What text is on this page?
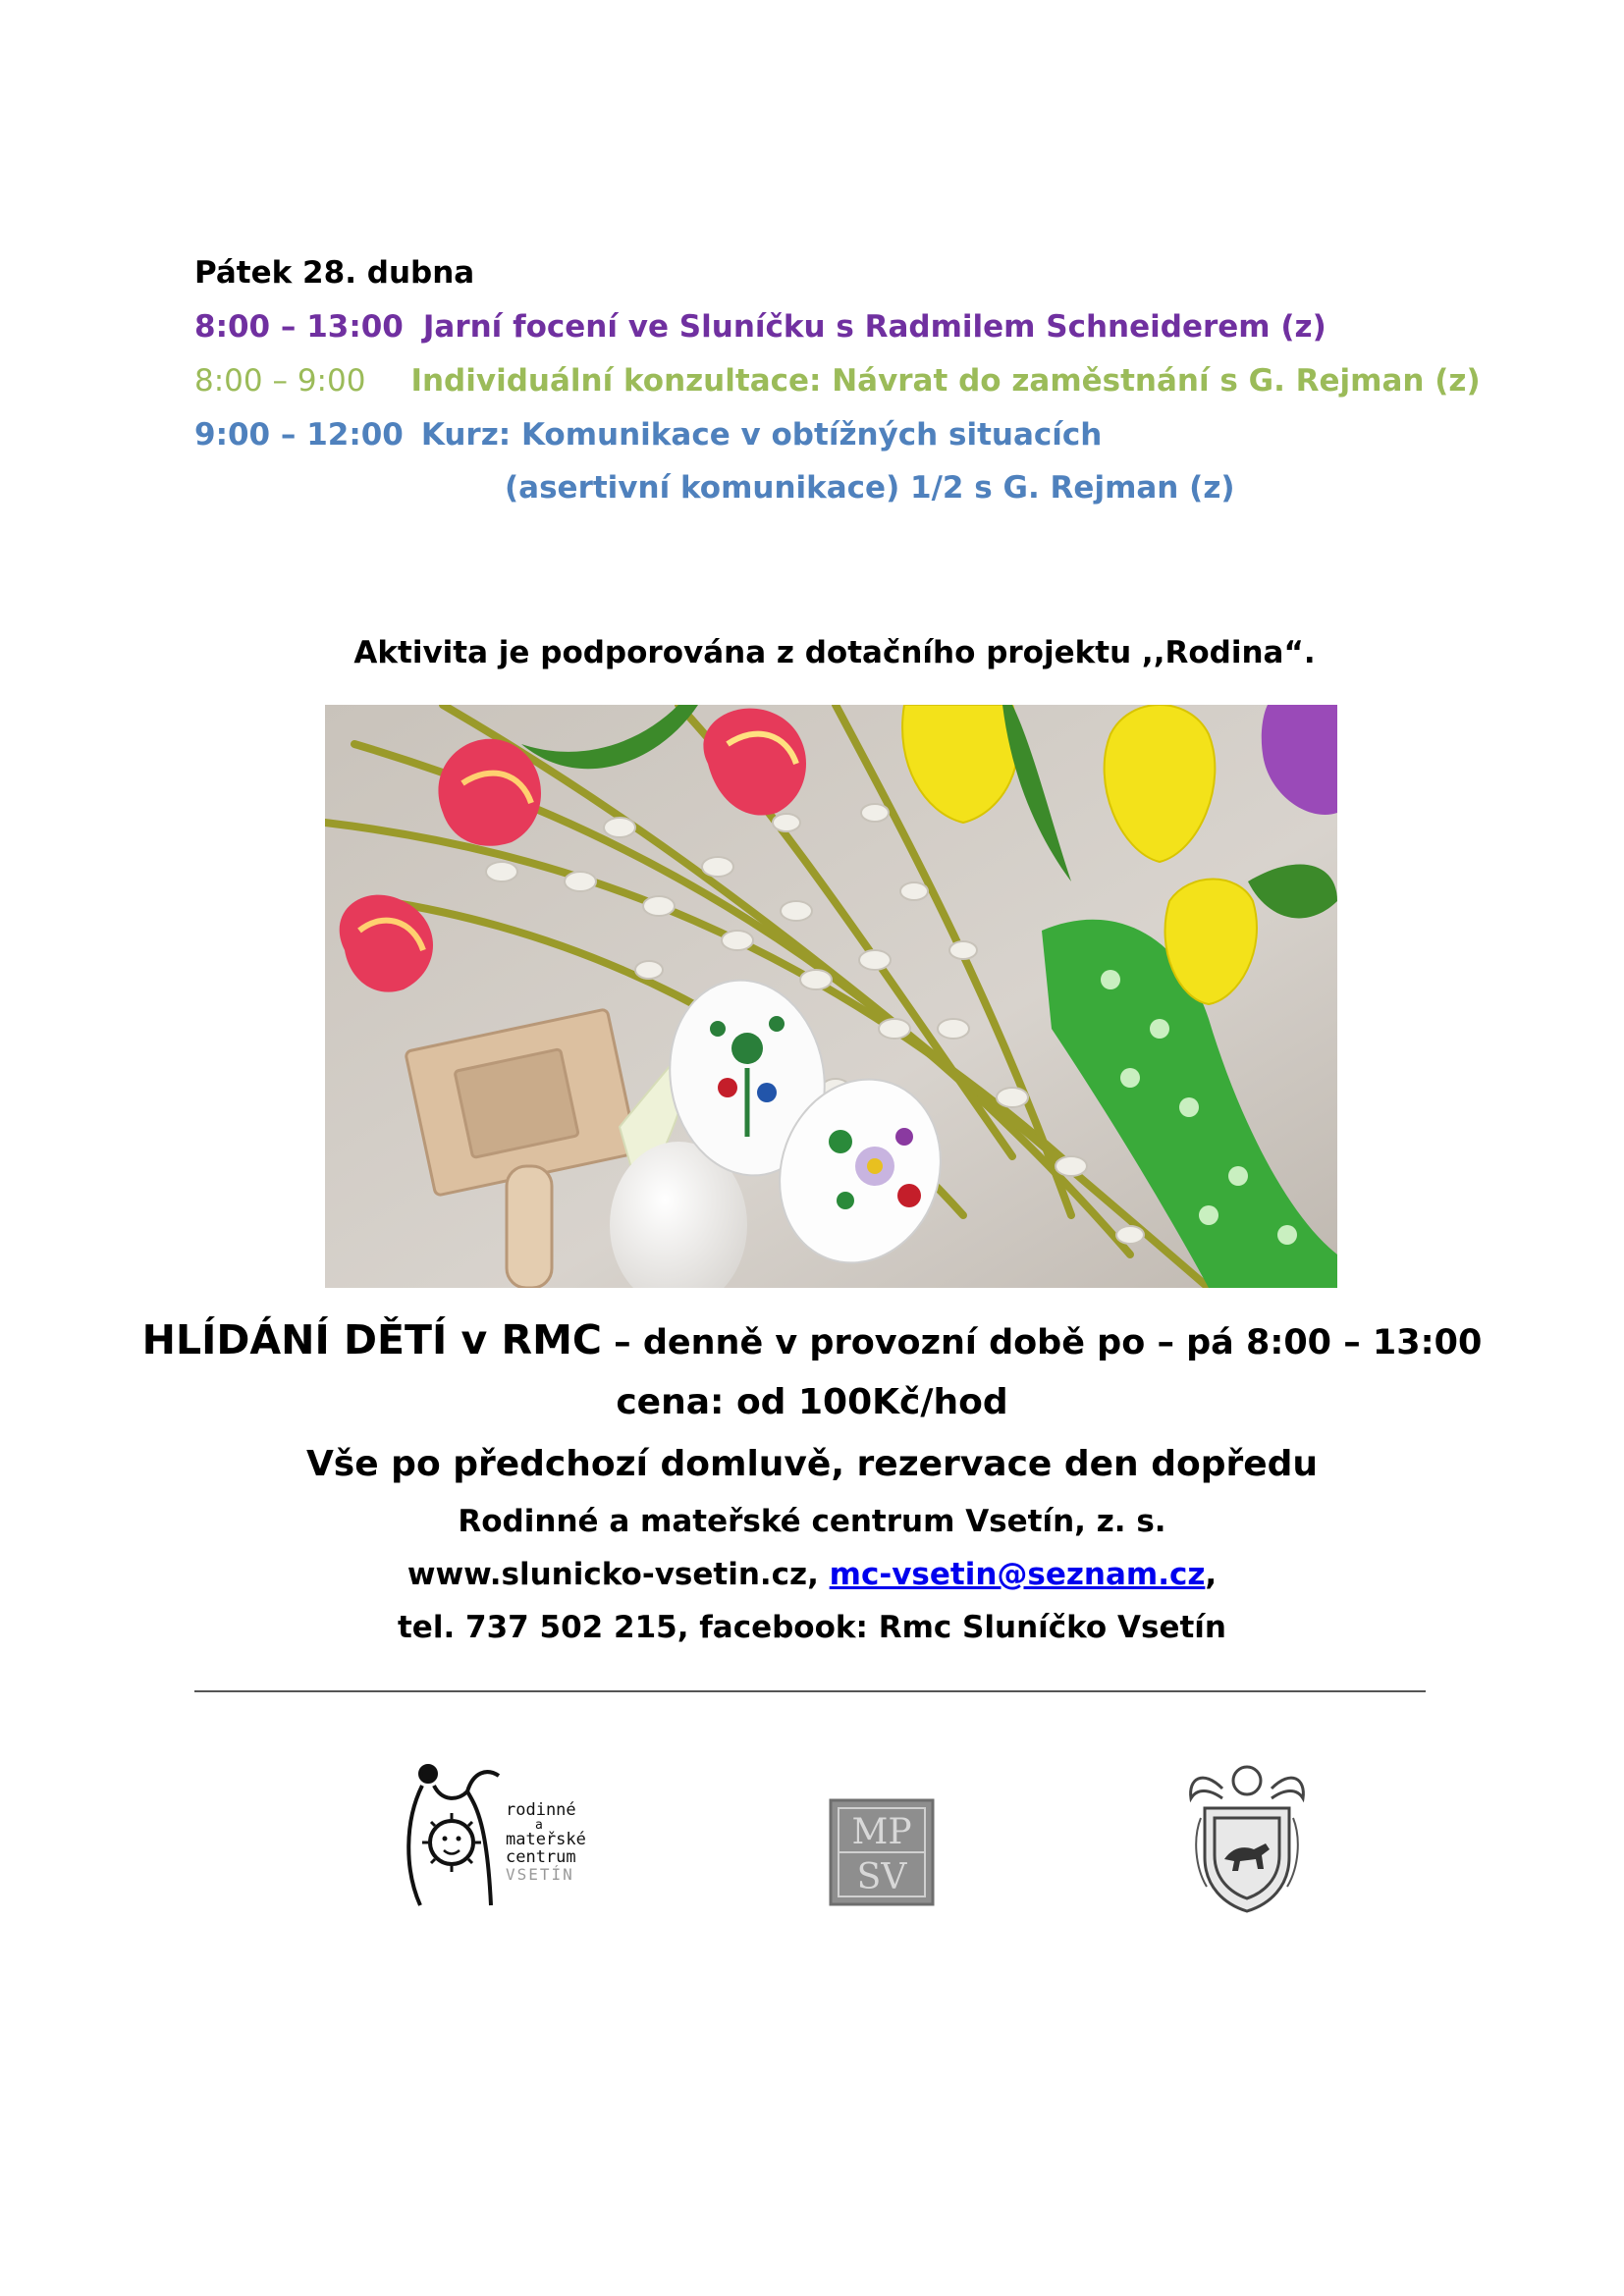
Pátek 28. dubna
8:00 – 13:00 Jarní focení ve Sluníčku s Radmilem Schneiderem (z)
8:00 – 9:00 Individuální konzultace: Návrat do zaměstnání s G. Rejman (z)
9:00 – 12:00 Kurz: Komunikace v obtížných situacích
(asertivní komunikace) 1/2 s G. Rejman (z)
Aktivita je podporována z dotačního projektu ,,Rodina“.
HLÍDÁNÍ DĚTÍ v RMC – denně v provozní době po – pá 8:00 – 13:00
cena: od 100Kč/hod
Vše po předchozí domluvě, rezervace den dopředu
Rodinné a mateřské centrum Vsetín, z. s.
www.slunicko-vsetin.cz, mc-vsetin@seznam.cz,
tel. 737 502 215, facebook: Rmc Sluníčko Vsetín
rodinné
a
mateřské
centrum
VSETÍN
MP
SV
